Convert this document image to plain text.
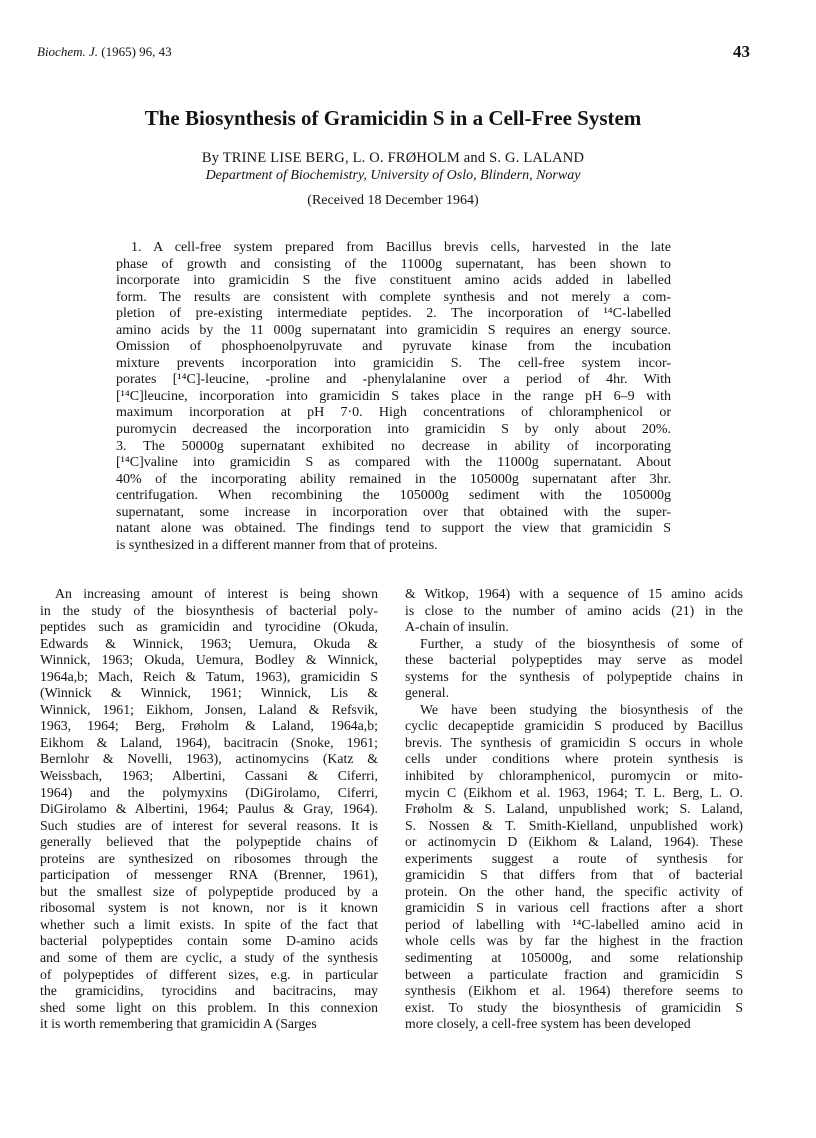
Biochem. J. (1965) 96, 43	43
The Biosynthesis of Gramicidin S in a Cell-Free System
By TRINE LISE BERG, L. O. FRØHOLM and S. G. LALAND
Department of Biochemistry, University of Oslo, Blindern, Norway
(Received 18 December 1964)
1. A cell-free system prepared from Bacillus brevis cells, harvested in the late
phase of growth and consisting of the 11000g supernatant, has been shown to
incorporate into gramicidin S the five constituent amino acids added in labelled
form. The results are consistent with complete synthesis and not merely a com-
pletion of pre-existing intermediate peptides. 2. The incorporation of ¹⁴C-labelled
amino acids by the 11 000g supernatant into gramicidin S requires an energy source.
Omission of phosphoenolpyruvate and pyruvate kinase from the incubation
mixture prevents incorporation into gramicidin S. The cell-free system incor-
porates [¹⁴C]-leucine, -proline and -phenylalanine over a period of 4hr. With
[¹⁴C]leucine, incorporation into gramicidin S takes place in the range pH 6–9 with
maximum incorporation at pH 7·0. High concentrations of chloramphenicol or
puromycin decreased the incorporation into gramicidin S by only about 20%.
3. The 50000g supernatant exhibited no decrease in ability of incorporating
[¹⁴C]valine into gramicidin S as compared with the 11000g supernatant. About
40% of the incorporating ability remained in the 105000g supernatant after 3hr.
centrifugation. When recombining the 105000g sediment with the 105000g
supernatant, some increase in incorporation over that obtained with the super-
natant alone was obtained. The findings tend to support the view that gramicidin S
is synthesized in a different manner from that of proteins.
An increasing amount of interest is being shown
in the study of the biosynthesis of bacterial poly-
peptides such as gramicidin and tyrocidine (Okuda,
Edwards & Winnick, 1963; Uemura, Okuda &
Winnick, 1963; Okuda, Uemura, Bodley & Winnick,
1964a,b; Mach, Reich & Tatum, 1963), gramicidin S
(Winnick & Winnick, 1961; Winnick, Lis &
Winnick, 1961; Eikhom, Jonsen, Laland & Refsvik,
1963, 1964; Berg, Frøholm & Laland, 1964a,b;
Eikhom & Laland, 1964), bacitracin (Snoke, 1961;
Bernlohr & Novelli, 1963), actinomycins (Katz &
Weissbach, 1963; Albertini, Cassani & Ciferri,
1964) and the polymyxins (DiGirolamo, Ciferri,
DiGirolamo & Albertini, 1964; Paulus & Gray, 1964).
Such studies are of interest for several reasons. It is
generally believed that the polypeptide chains of
proteins are synthesized on ribosomes through the
participation of messenger RNA (Brenner, 1961),
but the smallest size of polypeptide produced by a
ribosomal system is not known, nor is it known
whether such a limit exists. In spite of the fact that
bacterial polypeptides contain some D-amino acids
and some of them are cyclic, a study of the synthesis
of polypeptides of different sizes, e.g. in particular
the gramicidins, tyrocidins and bacitracins, may
shed some light on this problem. In this connexion
it is worth remembering that gramicidin A (Sarges
& Witkop, 1964) with a sequence of 15 amino acids
is close to the number of amino acids (21) in the
A-chain of insulin.
Further, a study of the biosynthesis of some of
these bacterial polypeptides may serve as model
systems for the synthesis of polypeptide chains in
general.
We have been studying the biosynthesis of the
cyclic decapeptide gramicidin S produced by Bacillus
brevis. The synthesis of gramicidin S occurs in whole
cells under conditions where protein synthesis is
inhibited by chloramphenicol, puromycin or mito-
mycin C (Eikhom et al. 1963, 1964; T. L. Berg, L. O.
Frøholm & S. Laland, unpublished work; S. Laland,
S. Nossen & T. Smith-Kielland, unpublished work)
or actinomycin D (Eikhom & Laland, 1964). These
experiments suggest a route of synthesis for
gramicidin S that differs from that of bacterial
protein. On the other hand, the specific activity of
gramicidin S in various cell fractions after a short
period of labelling with ¹⁴C-labelled amino acid in
whole cells was by far the highest in the fraction
sedimenting at 105000g, and some relationship
between a particulate fraction and gramicidin S
synthesis (Eikhom et al. 1964) therefore seems to
exist. To study the biosynthesis of gramicidin S
more closely, a cell-free system has been developed
